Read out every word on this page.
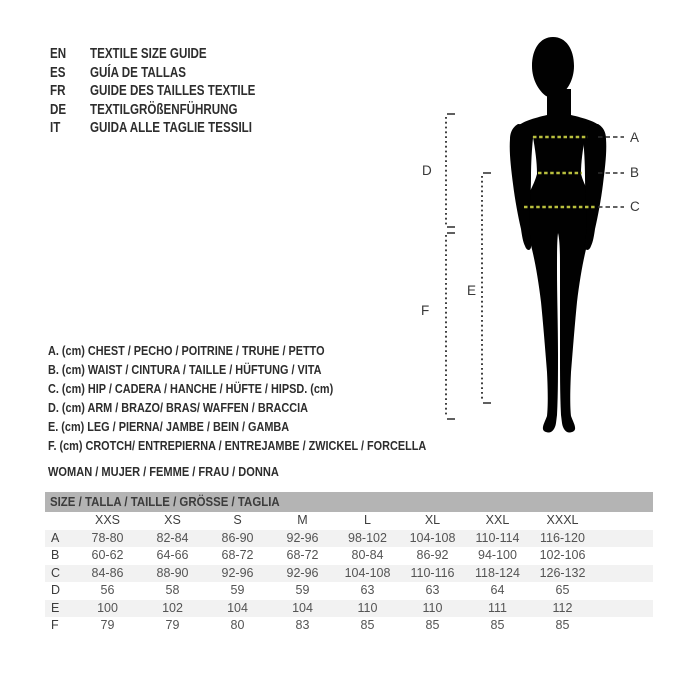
EN	TEXTILE SIZE GUIDE
ES	GUÍA DE TALLAS
FR	GUIDE DES TAILLES TEXTILE
DE	TEXTILGRÖßENFÜHRUNG
IT	GUIDA ALLE TAGLIE TESSILI
A
B
C
D
E
F
A. (cm) CHEST / PECHO / POITRINE / TRUHE / PETTO
B. (cm) WAIST / CINTURA / TAILLE / HÜFTUNG / VITA
C. (cm) HIP / CADERA / HANCHE / HÜFTE / HIPSD. (cm)
D. (cm) ARM / BRAZO/ BRAS/ WAFFEN / BRACCIA
E. (cm) LEG / PIERNA/ JAMBE / BEIN / GAMBA
F. (cm) CROTCH/ ENTREPIERNA / ENTREJAMBE / ZWICKEL / FORCELLA
WOMAN / MUJER / FEMME / FRAU / DONNA
SIZE / TALLA / TAILLE / GRÖSSE / TAGLIA
	XXS	XS	S	M	L	XL	XXL	XXXL	
A	78-80	82-84	86-90	92-96	98-102	104-108	110-114	116-120	
B	60-62	64-66	68-72	68-72	80-84	86-92	94-100	102-106	
C	84-86	88-90	92-96	92-96	104-108	110-116	118-124	126-132	
D	56	58	59	59	63	63	64	65	
E	100	102	104	104	110	110	111	112	
F	79	79	80	83	85	85	85	85	
